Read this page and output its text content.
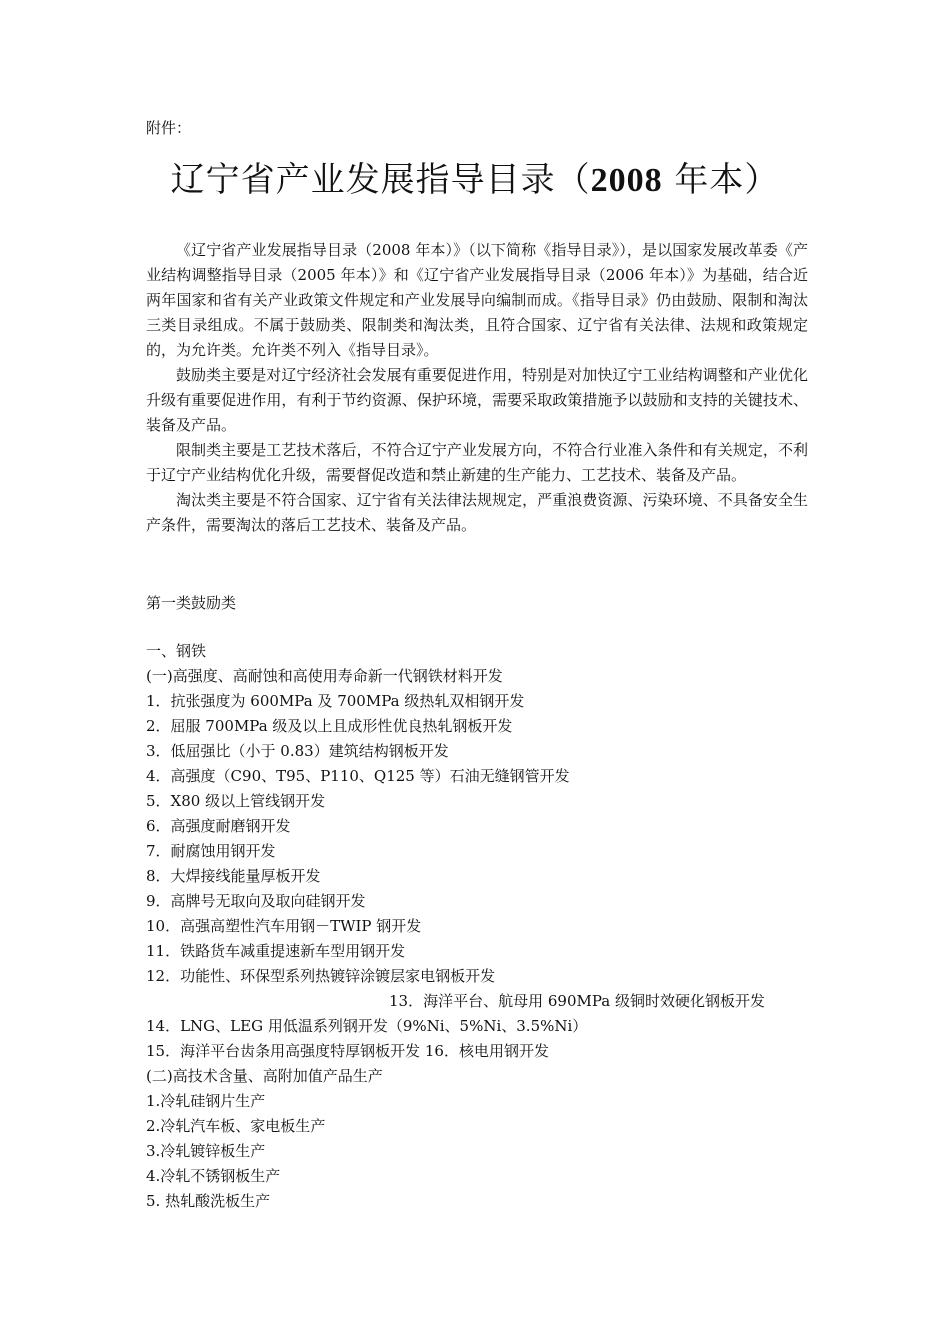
附件：
辽宁省产业发展指导目录（2008 年本）

《辽宁省产业发展指导目录（2008 年本）》（以下简称《指导目录》），是以国家发展改革委《产业结构调整指导目录（2005 年本）》和《辽宁省产业发展指导目录（2006 年本）》为基础，结合近两年国家和省有关产业政策文件规定和产业发展导向编制而成。《指导目录》仍由鼓励、限制和淘汰三类目录组成。不属于鼓励类、限制类和淘汰类，且符合国家、辽宁省有关法律、法规和政策规定的，为允许类。允许类不列入《指导目录》。

鼓励类主要是对辽宁经济社会发展有重要促进作用，特别是对加快辽宁工业结构调整和产业优化升级有重要促进作用，有利于节约资源、保护环境，需要采取政策措施予以鼓励和支持的关键技术、装备及产品。

限制类主要是工艺技术落后，不符合辽宁产业发展方向，不符合行业准入条件和有关规定，不利于辽宁产业结构优化升级，需要督促改造和禁止新建的生产能力、工艺技术、装备及产品。

淘汰类主要是不符合国家、辽宁省有关法律法规规定，严重浪费资源、污染环境、不具备安全生产条件，需要淘汰的落后工艺技术、装备及产品。

第一类鼓励类
一、钢铁
(一)高强度、高耐蚀和高使用寿命新一代钢铁材料开发
1．抗张强度为 600MPa 及 700MPa 级热轧双相钢开发
2．屈服 700MPa 级及以上且成形性优良热轧钢板开发
3．低屈强比（小于 0.83）建筑结构钢板开发
4．高强度（C90、T95、P110、Q125 等）石油无缝钢管开发
5．X80 级以上管线钢开发
6．高强度耐磨钢开发
7．耐腐蚀用钢开发
8．大焊接线能量厚板开发
9．高牌号无取向及取向硅钢开发
10．高强高塑性汽车用钢－TWIP 钢开发
11．铁路货车减重提速新车型用钢开发
12．功能性、环保型系列热镀锌涂镀层家电钢板开发
13．海洋平台、航母用 690MPa 级铜时效硬化钢板开发
14．LNG、LEG 用低温系列钢开发（9%Ni、5%Ni、3.5%Ni）
15．海洋平台齿条用高强度特厚钢板开发 16．核电用钢开发
(二)高技术含量、高附加值产品生产
1.冷轧硅钢片生产
2.冷轧汽车板、家电板生产
3.冷轧镀锌板生产
4.冷轧不锈钢板生产
5. 热轧酸洗板生产
